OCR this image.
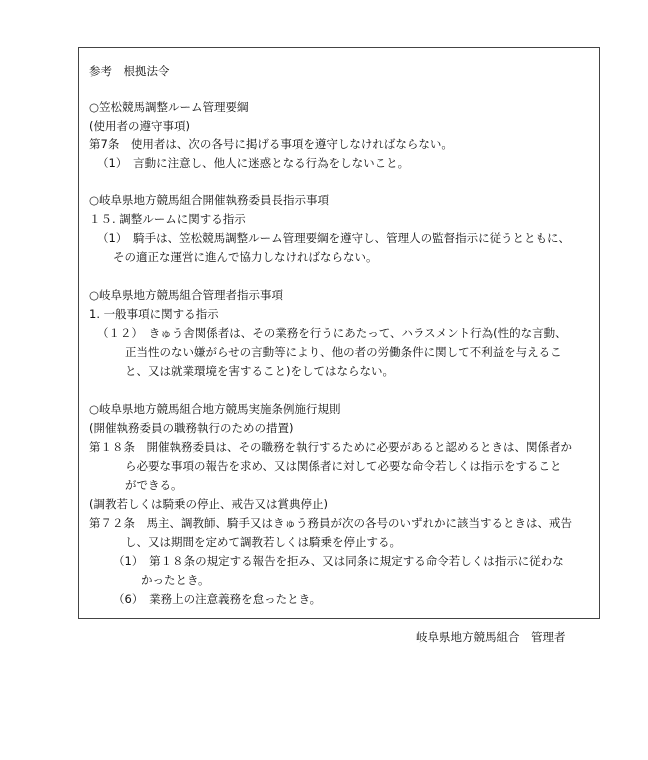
参考　根拠法令
○笠松競馬調整ルーム管理要綱
(使用者の遵守事項)
第7条　使用者は、次の各号に掲げる事項を遵守しなければならない。
（1）　言動に注意し、他人に迷惑となる行為をしないこと。
○岐阜県地方競馬組合開催執務委員長指示事項
１５. 調整ルームに関する指示
（1）　騎手は、笠松競馬調整ルーム管理要綱を遵守し、管理人の監督指示に従うとともに、
その適正な運営に進んで協力しなければならない。
○岐阜県地方競馬組合管理者指示事項
1. 一般事項に関する指示
（１２）　きゅう舎関係者は、その業務を行うにあたって、ハラスメント行為(性的な言動、
正当性のない嫌がらせの言動等により、他の者の労働条件に関して不利益を与えるこ
と、又は就業環境を害すること)をしてはならない。
○岐阜県地方競馬組合地方競馬実施条例施行規則
(開催執務委員の職務執行のための措置)
第１８条　開催執務委員は、その職務を執行するために必要があると認めるときは、関係者か
ら必要な事項の報告を求め、又は関係者に対して必要な命令若しくは指示をすること
ができる。
(調教若しくは騎乗の停止、戒告又は賞典停止)
第７２条　馬主、調教師、騎手又はきゅう務員が次の各号のいずれかに該当するときは、戒告
し、又は期間を定めて調教若しくは騎乗を停止する。
（1）　第１８条の規定する報告を拒み、又は同条に規定する命令若しくは指示に従わな
かったとき。
（6）　業務上の注意義務を怠ったとき。
岐阜県地方競馬組合　管理者
